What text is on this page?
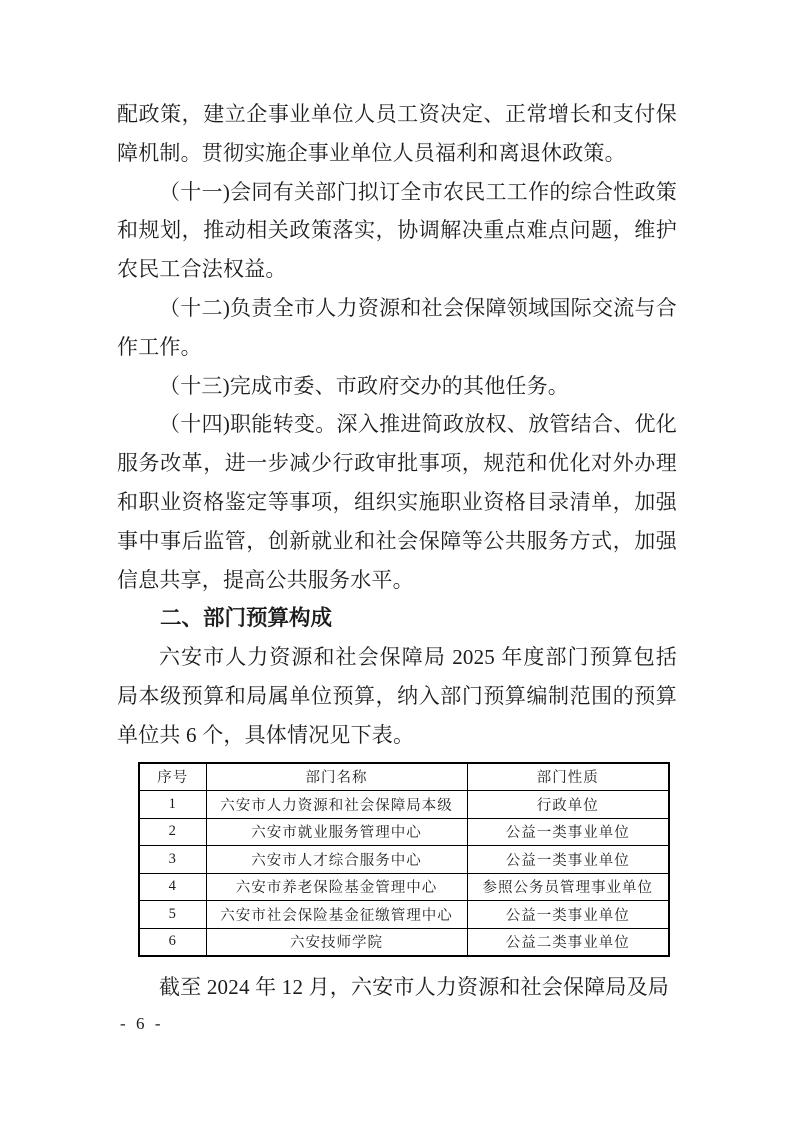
配政策，建立企事业单位人员工资决定、正常增长和支付保障机制。贯彻实施企事业单位人员福利和离退休政策。

（十一)会同有关部门拟订全市农民工工作的综合性政策和规划，推动相关政策落实，协调解决重点难点问题，维护农民工合法权益。

（十二)负责全市人力资源和社会保障领域国际交流与合作工作。

（十三)完成市委、市政府交办的其他任务。

（十四)职能转变。深入推进简政放权、放管结合、优化服务改革，进一步减少行政审批事项，规范和优化对外办理和职业资格鉴定等事项，组织实施职业资格目录清单，加强事中事后监管，创新就业和社会保障等公共服务方式，加强信息共享，提高公共服务水平。

二、部门预算构成

六安市人力资源和社会保障局 2025 年度部门预算包括局本级预算和局属单位预算，纳入部门预算编制范围的预算单位共 6 个，具体情况见下表。

序号	部门名称	部门性质
1	六安市人力资源和社会保障局本级	行政单位
2	六安市就业服务管理中心	公益一类事业单位
3	六安市人才综合服务中心	公益一类事业单位
4	六安市养老保险基金管理中心	参照公务员管理事业单位
5	六安市社会保险基金征缴管理中心	公益一类事业单位
6	六安技师学院	公益二类事业单位

截至 2024 年 12 月，六安市人力资源和社会保障局及局

- 6 -
